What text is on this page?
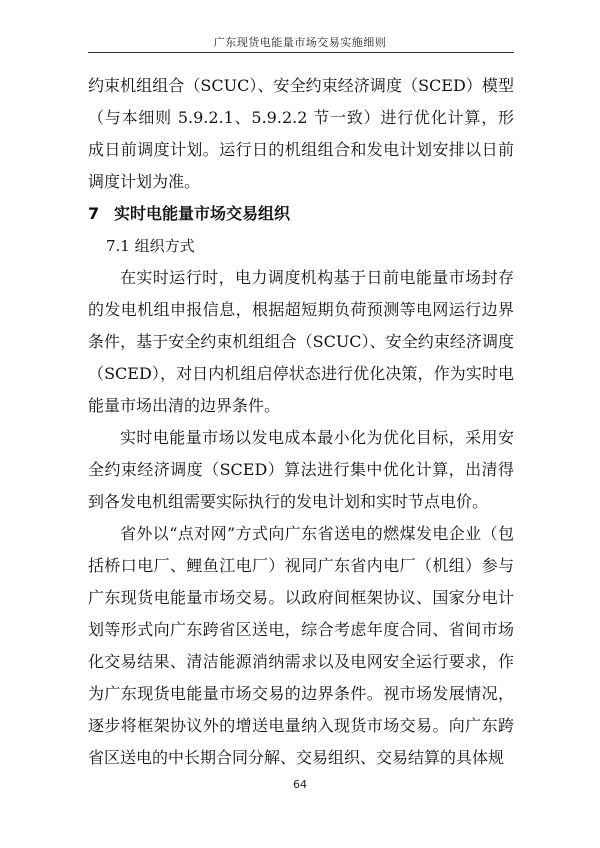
广东现货电能量市场交易实施细则

约束机组组合（SCUC）、安全约束经济调度（SCED）模型（与本细则 5.9.2.1、5.9.2.2 节一致）进行优化计算，形成日前调度计划。运行日的机组组合和发电计划安排以日前调度计划为准。

7 实时电能量市场交易组织
7.1 组织方式

在实时运行时，电力调度机构基于日前电能量市场封存的发电机组申报信息，根据超短期负荷预测等电网运行边界条件，基于安全约束机组组合（SCUC）、安全约束经济调度（SCED），对日内机组启停状态进行优化决策，作为实时电能量市场出清的边界条件。

实时电能量市场以发电成本最小化为优化目标，采用安全约束经济调度（SCED）算法进行集中优化计算，出清得到各发电机组需要实际执行的发电计划和实时节点电价。

省外以“点对网”方式向广东省送电的燃煤发电企业（包括桥口电厂、鲤鱼江电厂）视同广东省内电厂（机组）参与广东现货电能量市场交易。以政府间框架协议、国家分电计划等形式向广东跨省区送电，综合考虑年度合同、省间市场化交易结果、清洁能源消纳需求以及电网安全运行要求，作为广东现货电能量市场交易的边界条件。视市场发展情况，逐步将框架协议外的增送电量纳入现货市场交易。向广东跨省区送电的中长期合同分解、交易组织、交易结算的具体规

64
